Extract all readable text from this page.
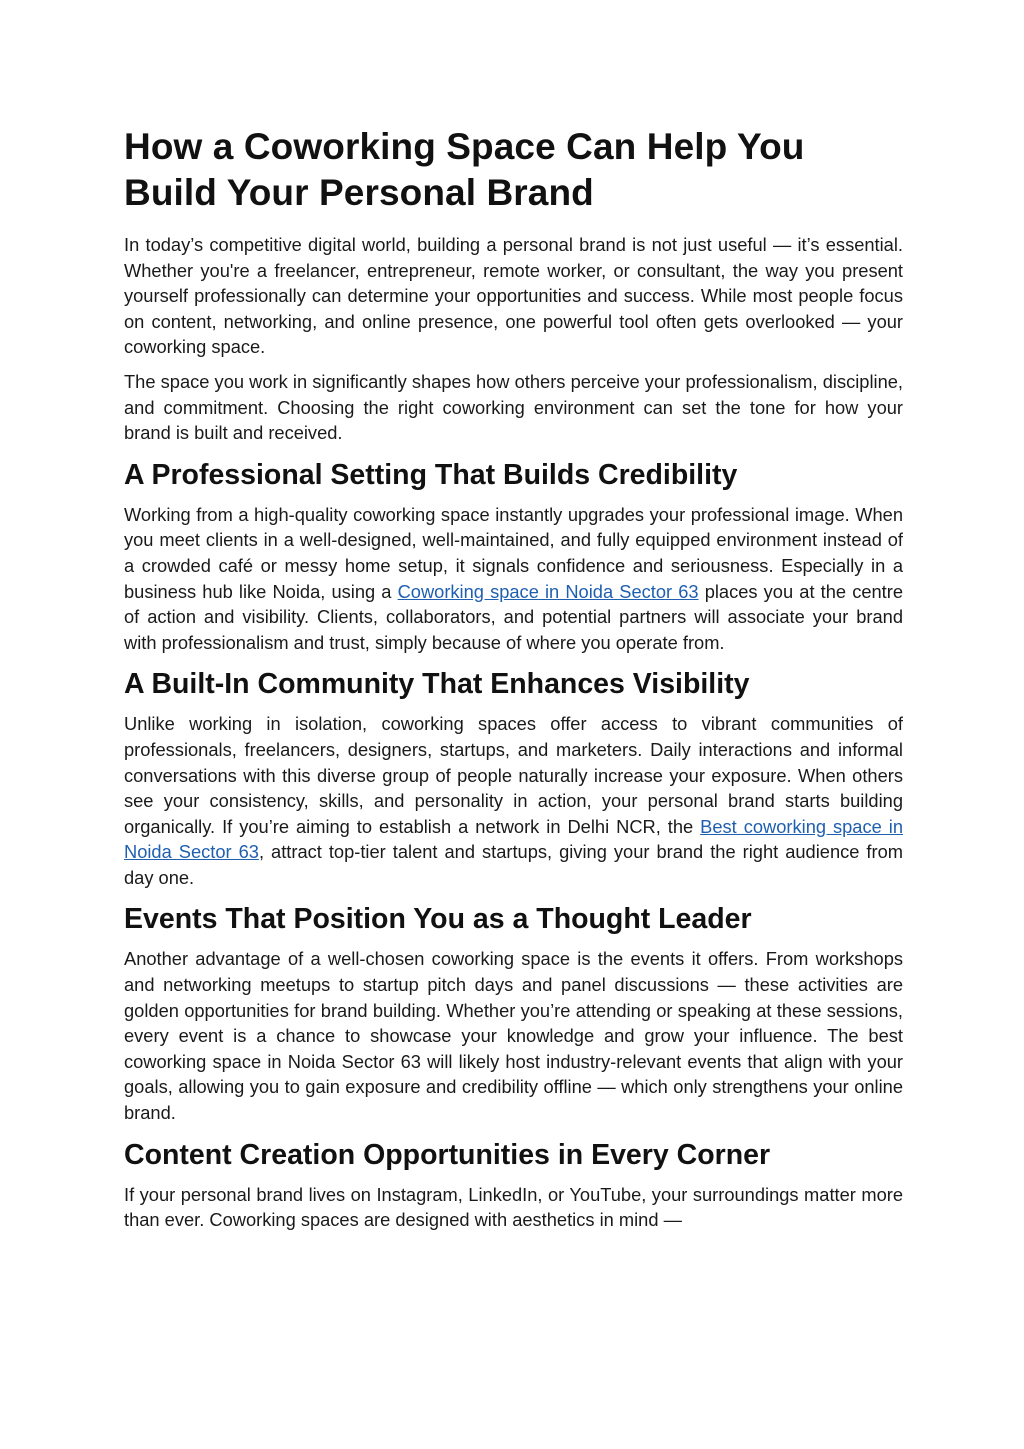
How a Coworking Space Can Help You Build Your Personal Brand

In today’s competitive digital world, building a personal brand is not just useful — it’s essential. Whether you're a freelancer, entrepreneur, remote worker, or consultant, the way you present yourself professionally can determine your opportunities and success. While most people focus on content, networking, and online presence, one powerful tool often gets overlooked — your coworking space.

The space you work in significantly shapes how others perceive your professionalism, discipline, and commitment. Choosing the right coworking environment can set the tone for how your brand is built and received.

A Professional Setting That Builds Credibility

Working from a high-quality coworking space instantly upgrades your professional image. When you meet clients in a well-designed, well-maintained, and fully equipped environment instead of a crowded café or messy home setup, it signals confidence and seriousness. Especially in a business hub like Noida, using a Coworking space in Noida Sector 63 places you at the centre of action and visibility. Clients, collaborators, and potential partners will associate your brand with professionalism and trust, simply because of where you operate from.

A Built-In Community That Enhances Visibility

Unlike working in isolation, coworking spaces offer access to vibrant communities of professionals, freelancers, designers, startups, and marketers. Daily interactions and informal conversations with this diverse group of people naturally increase your exposure. When others see your consistency, skills, and personality in action, your personal brand starts building organically. If you’re aiming to establish a network in Delhi NCR, the Best coworking space in Noida Sector 63, attract top-tier talent and startups, giving your brand the right audience from day one.

Events That Position You as a Thought Leader

Another advantage of a well-chosen coworking space is the events it offers. From workshops and networking meetups to startup pitch days and panel discussions — these activities are golden opportunities for brand building. Whether you’re attending or speaking at these sessions, every event is a chance to showcase your knowledge and grow your influence. The best coworking space in Noida Sector 63 will likely host industry-relevant events that align with your goals, allowing you to gain exposure and credibility offline — which only strengthens your online brand.

Content Creation Opportunities in Every Corner

If your personal brand lives on Instagram, LinkedIn, or YouTube, your surroundings matter more than ever. Coworking spaces are designed with aesthetics in mind —
